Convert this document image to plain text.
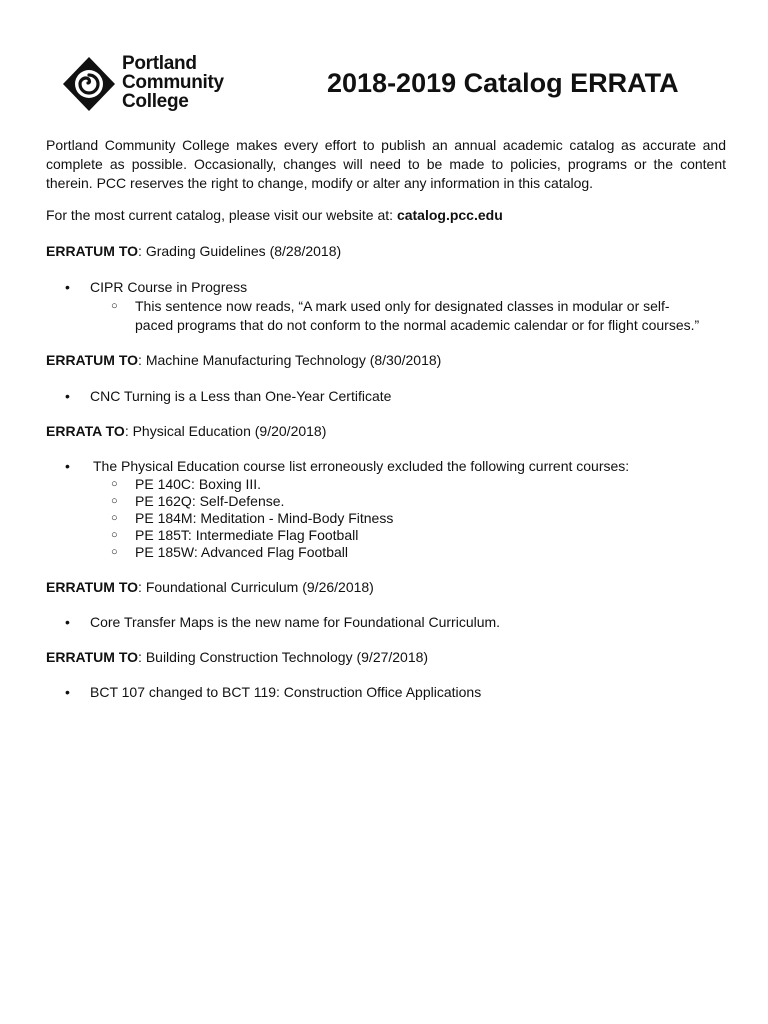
Portland
Community
College
2018-2019 Catalog ERRATA

Portland Community College makes every effort to publish an annual academic catalog as accurate and complete as possible. Occasionally, changes will need to be made to policies, programs or the content therein. PCC reserves the right to change, modify or alter any information in this catalog.

For the most current catalog, please visit our website at: catalog.pcc.edu

ERRATUM TO: Grading Guidelines (8/28/2018)

• CIPR Course in Progress
○ This sentence now reads, “A mark used only for designated classes in modular or self-paced programs that do not conform to the normal academic calendar or for flight courses.”

ERRATUM TO: Machine Manufacturing Technology (8/30/2018)

• CNC Turning is a Less than One-Year Certificate

ERRATA TO: Physical Education (9/20/2018)

• The Physical Education course list erroneously excluded the following current courses:
○ PE 140C: Boxing III.
○ PE 162Q: Self-Defense.
○ PE 184M: Meditation - Mind-Body Fitness
○ PE 185T: Intermediate Flag Football
○ PE 185W: Advanced Flag Football

ERRATUM TO: Foundational Curriculum (9/26/2018)

• Core Transfer Maps is the new name for Foundational Curriculum.

ERRATUM TO: Building Construction Technology (9/27/2018)

• BCT 107 changed to BCT 119: Construction Office Applications
